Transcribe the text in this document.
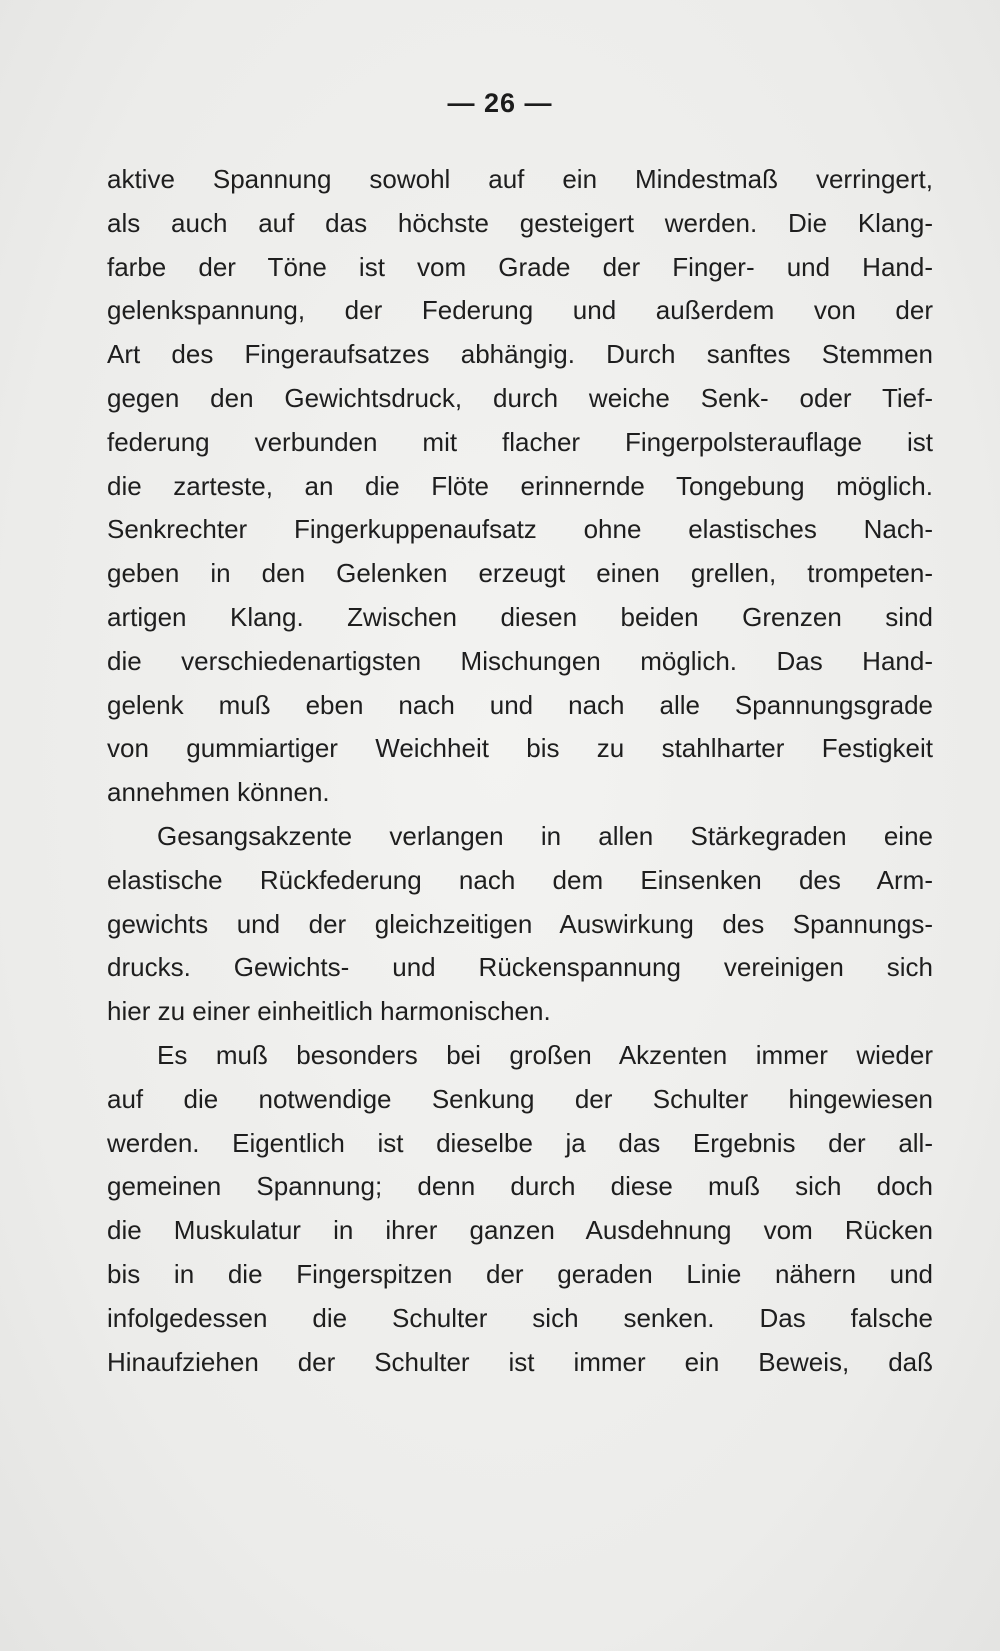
— 26 —
aktive Spannung sowohl auf ein Mindestmaß verringert,
als auch auf das höchste gesteigert werden. Die Klang-
farbe der Töne ist vom Grade der Finger- und Hand-
gelenkspannung, der Federung und außerdem von der
Art des Fingeraufsatzes abhängig. Durch sanftes Stemmen
gegen den Gewichtsdruck, durch weiche Senk- oder Tief-
federung verbunden mit flacher Fingerpolsterauflage ist
die zarteste, an die Flöte erinnernde Tongebung möglich.
Senkrechter Fingerkuppenaufsatz ohne elastisches Nach-
geben in den Gelenken erzeugt einen grellen, trompeten-
artigen Klang. Zwischen diesen beiden Grenzen sind
die verschiedenartigsten Mischungen möglich. Das Hand-
gelenk muß eben nach und nach alle Spannungsgrade
von gummiartiger Weichheit bis zu stahlharter Festigkeit
annehmen können.
Gesangsakzente verlangen in allen Stärkegraden eine
elastische Rückfederung nach dem Einsenken des Arm-
gewichts und der gleichzeitigen Auswirkung des Spannungs-
drucks. Gewichts- und Rückenspannung vereinigen sich
hier zu einer einheitlich harmonischen.
Es muß besonders bei großen Akzenten immer wieder
auf die notwendige Senkung der Schulter hingewiesen
werden. Eigentlich ist dieselbe ja das Ergebnis der all-
gemeinen Spannung; denn durch diese muß sich doch
die Muskulatur in ihrer ganzen Ausdehnung vom Rücken
bis in die Fingerspitzen der geraden Linie nähern und
infolgedessen die Schulter sich senken. Das falsche
Hinaufziehen der Schulter ist immer ein Beweis, daß
